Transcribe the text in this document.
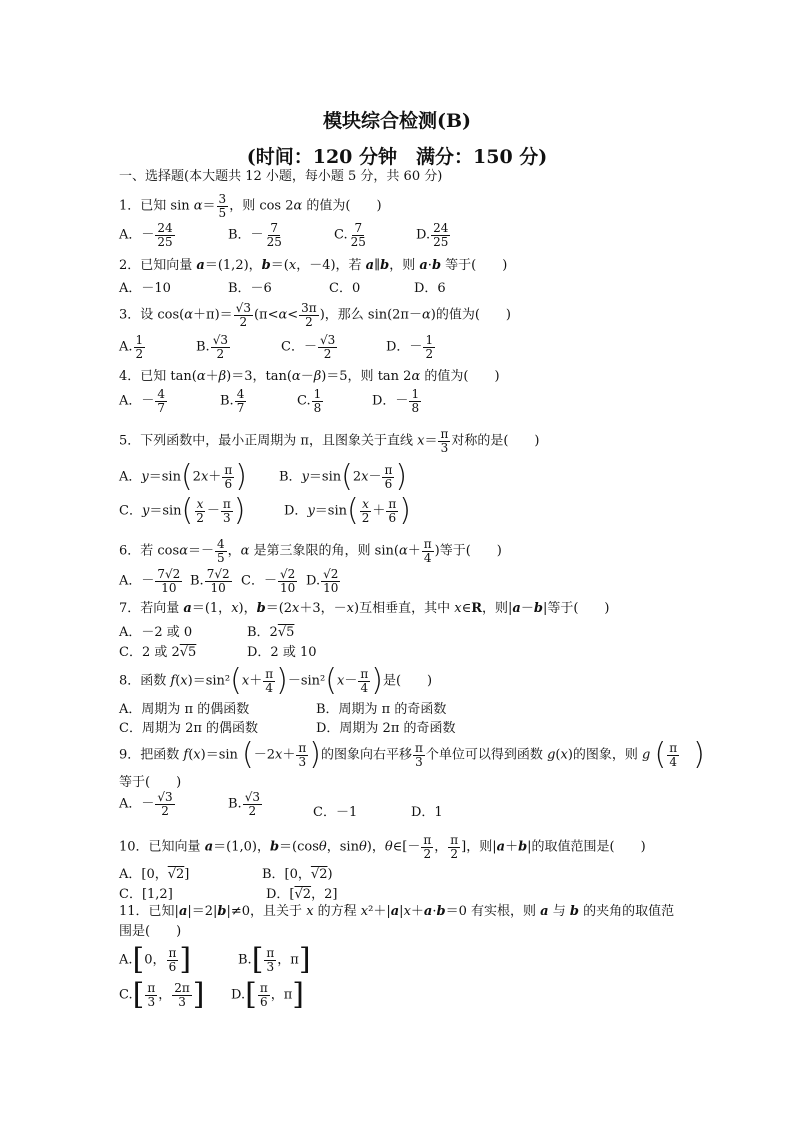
模块综合检测(B)
(时间：120 分钟　满分：150 分)
一、选择题(本大题共 12 小题，每小题 5 分，共 60 分)
1．已知 $\sin \alpha= \frac{3}{5}$ ，则 cos 2α 的值为(　　)
A．－ $\frac{24}{25}$	B．－ $\frac{7}{25}$	C. $\frac{7}{25}$	D. $\frac{24}{25}$
2．已知向量 a＝(1,2)，b＝(x，－4)，若 a∥b，则 a·b 等于(　　)
A．－10	B．－6	C．0	D．6
3．设 $\cos(\alpha+\pi)= \frac{√3}{2} (\pi<\alpha< \frac{3\pi}{2}$ )，那么 sin(2π－α)的值为(　　)
A. $\frac{1}{2}$	B. $\frac{√3}{2}$	C．－ $\frac{√3}{2}$	D．－ $\frac{1}{2}$
4．已知 tan(α＋β)＝3，tan(α－β)＝5，则 tan 2α 的值为(　　)
A．－ $\frac{4}{7}$	B. $\frac{4}{7}$	C. $\frac{1}{8}$	D．－ $\frac{1}{8}$
5．下列函数中，最小正周期为 π，且图象关于直线 $x= \frac{\pi}{3}$ 对称的是(　　)
A．$y=\sin(2x+ \frac{\pi}{6}$ ) B．$y=\sin(2x- \frac{\pi}{6}$ )
C．$y=\sin( \frac{x}{2} - \frac{\pi}{3}$ )	D．$y=\sin( \frac{x}{2} + \frac{\pi}{6}$ )
6．若 $\cos\alpha=- \frac{4}{5}$ ，α 是第三象限的角，则 $\sin(\alpha+ \frac{\pi}{4}$ )等于(　　)
A．－ $\frac{7√2}{10} B$. $\frac{7√2}{10}$ C．－ $\frac{√2}{10} D$. $\frac{√2}{10}$
7．若向量 a＝(1，x)，b＝(2x＋3，－x)互相垂直，其中 x∈R，则|a－b|等于(　　)
A．－2 或 0	B．2√5
C．2 或 2√5	D．2 或 10
8．函数 $f(x)=\sin^2(x+ \frac{\pi}{4} )-\sin^2(x- \frac{\pi}{4}$ )是(　　)
A．周期为 π 的偶函数	B．周期为 π 的奇函数
C．周期为 2π 的偶函数	D．周期为 2π 的奇函数
9．把函数 f(x)＝sin ($-2x+ \frac{\pi}{3}$ )的图象向右平移 $\frac{\pi}{3}$ 个单位可以得到函数 g(x)的图象，则 g ( $\frac{\pi}{4}$
　 )
等于(　　)
A．－ $\frac{√3}{2}$	B. $\frac{√3}{2}$	C．－1	D．1
10．已知向量 a＝(1,0)，b＝(cosθ，sinθ)，θ∈[－ $\frac{\pi}{2}$ ， $\frac{\pi}{2}$ ]，则|a＋b|的取值范围是(　　)
A．[0，√2]	B．[0，√2)
C．[1,2]	D．[√2，2]
11．已知|a|＝2|b|≠0，且关于 x 的方程 x²＋|a|x＋a·b＝0 有实根，则 a 与 b 的夹角的取值范
围是(　　)
A.[0， $\frac{\pi}{6}$ ]	$B.[ \frac{\pi}{3}$ ，π]
$C.[ \frac{\pi}{3}$ ， $\frac{2\pi}{3}$ ] $D.[ \frac{\pi}{6}$ ，π]
